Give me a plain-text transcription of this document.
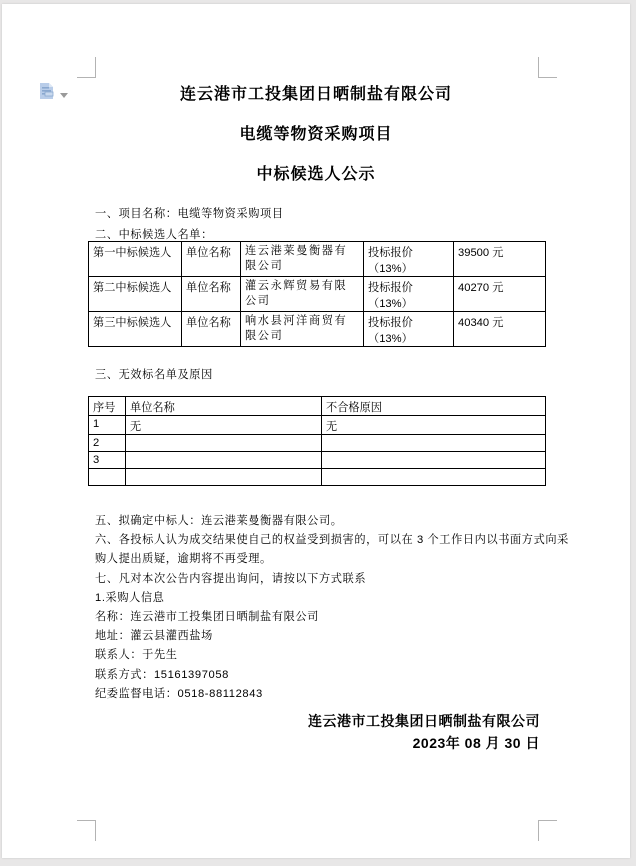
连云港市工投集团日晒制盐有限公司
电缆等物资采购项目
中标候选人公示
一、项目名称：电缆等物资采购项目
二、中标候选人名单：
第一中标候选人	单位名称	连云港莱曼衡器有限公司	投标报价（13%）	39500 元
第二中标候选人	单位名称	灌云永辉贸易有限公司	投标报价（13%）	40270 元
第三中标候选人	单位名称	响水县河洋商贸有限公司	投标报价（13%）	40340 元
三、无效标名单及原因
序号	单位名称	不合格原因
1	无	无
2		
3		

五、拟确定中标人：连云港莱曼衡器有限公司。
六、各投标人认为成交结果使自己的权益受到损害的，可以在 3 个工作日内以书面方式向采
购人提出质疑，逾期将不再受理。
七、凡对本次公告内容提出询问，请按以下方式联系
1.采购人信息
名称：连云港市工投集团日晒制盐有限公司
地址：灌云县灌西盐场
联系人：于先生
联系方式：15161397058
纪委监督电话：0518-88112843
连云港市工投集团日晒制盐有限公司
2023年 08 月 30 日
